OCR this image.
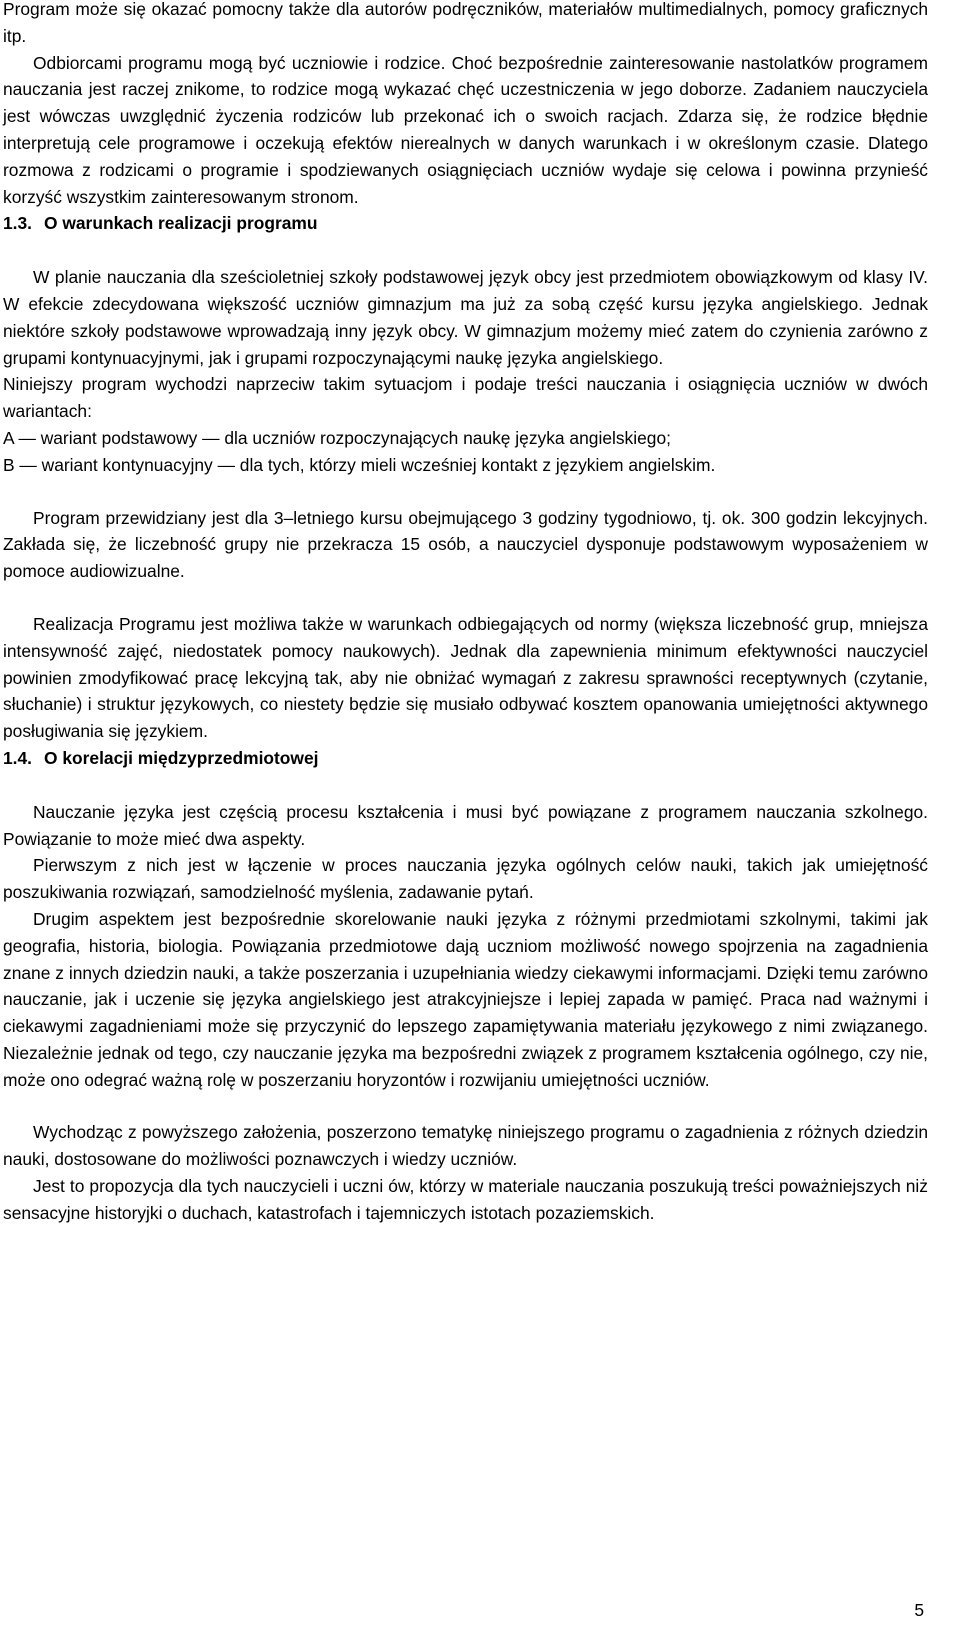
Program może się okazać pomocny także dla autorów podręczników, materiałów multimedialnych, pomocy graficznych itp.

Odbiorcami programu mogą być uczniowie i rodzice. Choć bezpośrednie zainteresowanie nastolatków programem nauczania jest raczej znikome, to rodzice mogą wykazać chęć uczestniczenia w jego doborze. Zadaniem nauczyciela jest wówczas uwzględnić życzenia rodziców lub przekonać ich o swoich racjach. Zdarza się, że rodzice błędnie interpretują cele programowe i oczekują efektów nierealnych w danych warunkach i w określonym czasie. Dlatego rozmowa z rodzicami o programie i spodziewanych osiągnięciach uczniów wydaje się celowa i powinna przynieść korzyść wszystkim zainteresowanym stronom.

1.3. O warunkach realizacji programu

W planie nauczania dla sześcioletniej szkoły podstawowej język obcy jest przedmiotem obowiązkowym od klasy IV. W efekcie zdecydowana większość uczniów gimnazjum ma już za sobą część kursu języka angielskiego. Jednak niektóre szkoły podstawowe wprowadzają inny język obcy. W gimnazjum możemy mieć zatem do czynienia zarówno z grupami kontynuacyjnymi, jak i grupami rozpoczynającymi naukę języka angielskiego.

Niniejszy program wychodzi naprzeciw takim sytuacjom i podaje treści nauczania i osiągnięcia uczniów w dwóch wariantach:

A — wariant podstawowy — dla uczniów rozpoczynających naukę języka angielskiego;

B — wariant kontynuacyjny — dla tych, którzy mieli wcześniej kontakt z językiem angielskim.

Program przewidziany jest dla 3–letniego kursu obejmującego 3 godziny tygodniowo, tj. ok. 300 godzin lekcyjnych. Zakłada się, że liczebność grupy nie przekracza 15 osób, a nauczyciel dysponuje podstawowym wyposażeniem w pomoce audiowizualne.

Realizacja Programu jest możliwa także w warunkach odbiegających od normy (większa liczebność grup, mniejsza intensywność zajęć, niedostatek pomocy naukowych). Jednak dla zapewnienia minimum efektywności nauczyciel powinien zmodyfikować pracę lekcyjną tak, aby nie obniżać wymagań z zakresu sprawności receptywnych (czytanie, słuchanie) i struktur językowych, co niestety będzie się musiało odbywać kosztem opanowania umiejętności aktywnego posługiwania się językiem.

1.4. O korelacji międzyprzedmiotowej

Nauczanie języka jest częścią procesu kształcenia i musi być powiązane z programem nauczania szkolnego. Powiązanie to może mieć dwa aspekty.

Pierwszym z nich jest w łączenie w proces nauczania języka ogólnych celów nauki, takich jak umiejętność poszukiwania rozwiązań, samodzielność myślenia, zadawanie pytań.

Drugim aspektem jest bezpośrednie skorelowanie nauki języka z różnymi przedmiotami szkolnymi, takimi jak geografia, historia, biologia. Powiązania przedmiotowe dają uczniom możliwość nowego spojrzenia na zagadnienia znane z innych dziedzin nauki, a także poszerzania i uzupełniania wiedzy ciekawymi informacjami. Dzięki temu zarówno nauczanie, jak i uczenie się języka angielskiego jest atrakcyjniejsze i lepiej zapada w pamięć. Praca nad ważnymi i ciekawymi zagadnieniami może się przyczynić do lepszego zapamiętywania materiału językowego z nimi związanego. Niezależnie jednak od tego, czy nauczanie języka ma bezpośredni związek z programem kształcenia ogólnego, czy nie, może ono odegrać ważną rolę w poszerzaniu horyzontów i rozwijaniu umiejętności uczniów.

Wychodząc z powyższego założenia, poszerzono tematykę niniejszego programu o zagadnienia z różnych dziedzin nauki, dostosowane do możliwości poznawczych i wiedzy uczniów.

Jest to propozycja dla tych nauczycieli i uczni ów, którzy w materiale nauczania poszukują treści poważniejszych niż sensacyjne historyjki o duchach, katastrofach i tajemniczych istotach pozaziemskich.

5
